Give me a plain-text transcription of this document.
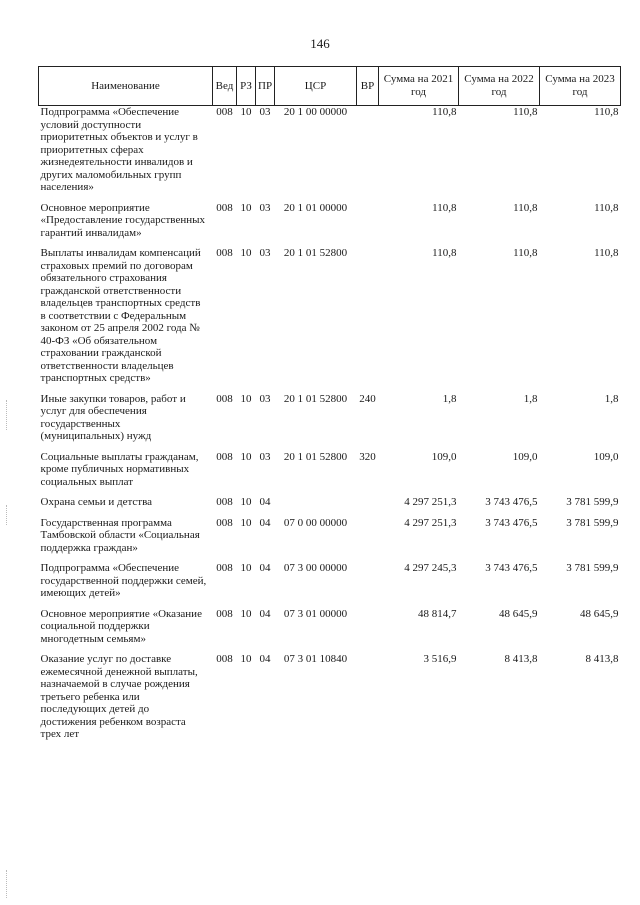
146
Наименование	Вед	РЗ	ПР	ЦСР	ВР	Сумма на 2021 год	Сумма на 2022 год	Сумма на 2023 год
Подпрограмма «Обеспечение условий доступности приоритетных объектов и услуг в приоритетных сферах жизнедеятельности инвалидов и других маломобильных групп населения»	008	10	03	20 1 00 00000		110,8	110,8	110,8
Основное мероприятие «Предоставление государственных гарантий инвалидам»	008	10	03	20 1 01 00000		110,8	110,8	110,8
Выплаты инвалидам компенсаций страховых премий по договорам обязательного страхования гражданской ответственности владельцев транспортных средств в соответствии с Федеральным законом от 25 апреля 2002 года № 40-ФЗ «Об обязательном страховании гражданской ответственности владельцев транспортных средств»	008	10	03	20 1 01 52800		110,8	110,8	110,8
Иные закупки товаров, работ и услуг для обеспечения государственных (муниципальных) нужд	008	10	03	20 1 01 52800	240	1,8	1,8	1,8
Социальные выплаты гражданам, кроме публичных нормативных социальных выплат	008	10	03	20 1 01 52800	320	109,0	109,0	109,0
Охрана семьи и детства	008	10	04			4 297 251,3	3 743 476,5	3 781 599,9
Государственная программа Тамбовской области «Социальная поддержка граждан»	008	10	04	07 0 00 00000		4 297 251,3	3 743 476,5	3 781 599,9
Подпрограмма «Обеспечение государственной поддержки семей, имеющих детей»	008	10	04	07 3 00 00000		4 297 245,3	3 743 476,5	3 781 599,9
Основное мероприятие «Оказание социальной поддержки многодетным семьям»	008	10	04	07 3 01 00000		48 814,7	48 645,9	48 645,9
Оказание услуг по доставке ежемесячной денежной выплаты, назначаемой в случае рождения третьего ребенка или последующих детей до достижения ребенком возраста трех лет	008	10	04	07 3 01 10840		3 516,9	8 413,8	8 413,8
